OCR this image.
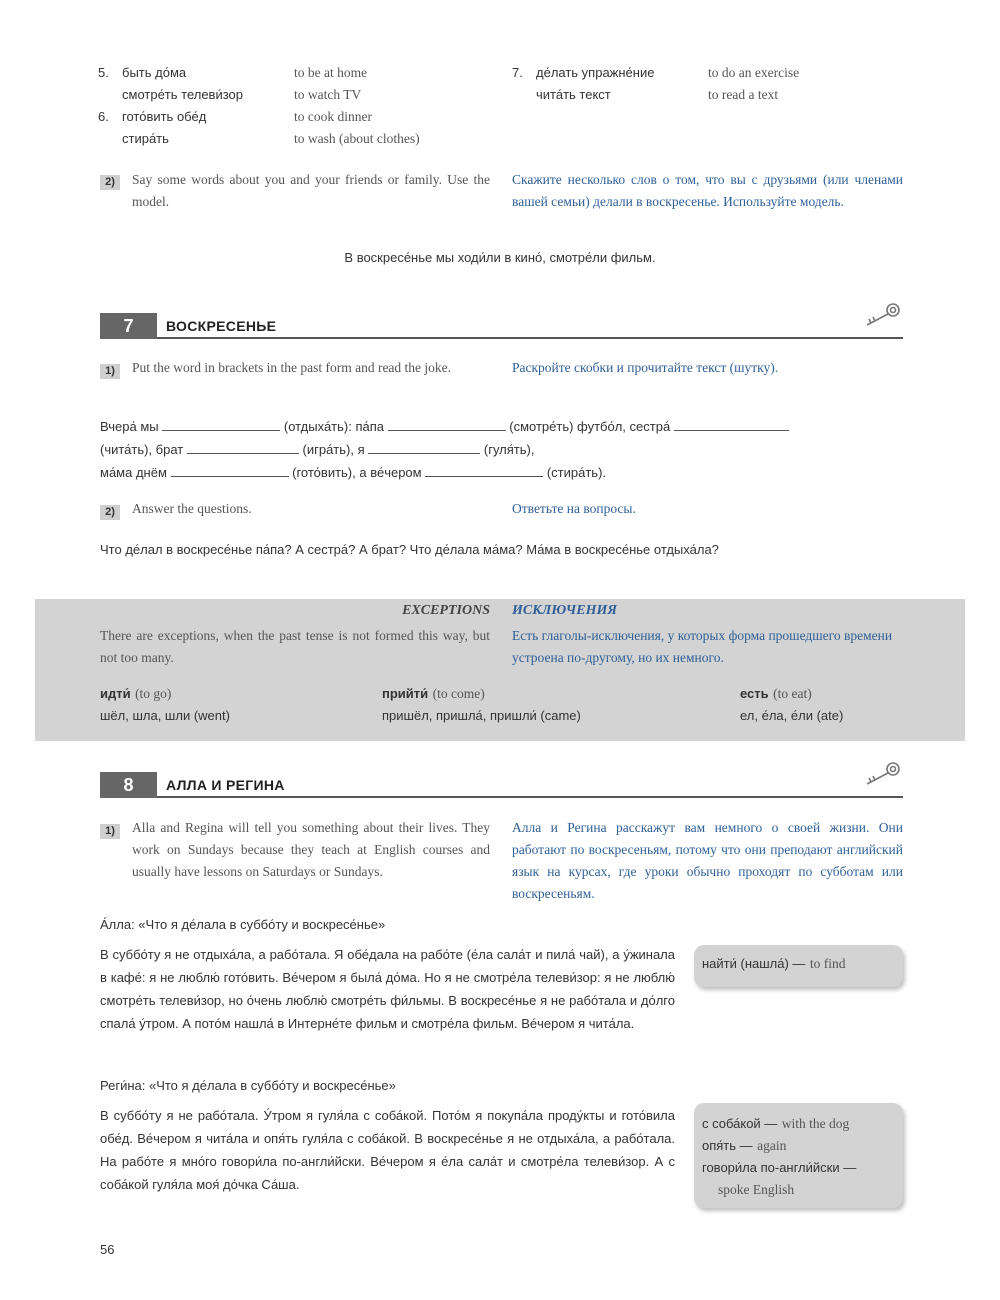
5. быть до́ма	to be at home
смотре́ть телеви́зор	to watch TV
6. гото́вить обе́д	to cook dinner
стира́ть	to wash (about clothes)
7. де́лать упражне́ние	to do an exercise
чита́ть текст	to read a text
2)	Say some words about you and your friends or family. Use the model.
Скажите несколько слов о том, что вы с друзьями (или членами вашей семьи) делали в воскресенье. Используйте модель.
В воскресе́нье мы ходи́ли в кино́, смотре́ли фильм.
7	ВОСКРЕСЕНЬЕ
1)	Put the word in brackets in the past form and read the joke.	Раскройте скобки и прочитайте текст (шутку).
Вчера́ мы	(отдыха́ть): па́па	(смотре́ть) футбо́л, сестра́
(чита́ть), брат	(игра́ть), я	(гуля́ть),
ма́ма днём	(гото́вить), а ве́чером	(стира́ть).
2)	Answer the questions.	Ответьте на вопросы.
Что де́лал в воскресе́нье па́па? А сестра́? А брат? Что де́лала ма́ма? Ма́ма в воскресе́нье отдыха́ла?
EXCEPTIONS ИСКЛЮЧЕНИЯ
There are exceptions, when the past tense is not formed this way, but not too many.
Есть глаголы-исключения, у которых форма прошедшего времени устроена по-другому, но их немного.
идти́ (to go)
шёл, шла, шли (went)
прийти́ (to come)
пришёл, пришла́, пришли́ (came)
есть (to eat)
ел, е́ла, е́ли (ate)
8	АЛЛА И РЕГИНА
1)	Alla and Regina will tell you something about their lives. They work on Sundays because they teach at English courses and usually have lessons on Saturdays or Sundays.
Алла и Регина расскажут вам немного о своей жизни. Они работают по воскресеньям, потому что они преподают английский язык на курсах, где уроки обычно проходят по субботам или воскресеньям.
А́лла: «Что я де́лала в суббо́ту и воскресе́нье»
В суббо́ту я не отдыха́ла, а рабо́тала. Я обе́дала на рабо́те (е́ла сала́т и пила́ чай), а у́жинала в кафе́: я не люблю́ гото́вить. Ве́чером я была́ до́ма. Но я не смотре́ла телеви́зор: я не люблю́ смотре́ть телеви́зор, но о́чень люблю́ смотре́ть фи́льмы. В воскресе́нье я не рабо́тала и до́лго спала́ у́тром. А пото́м нашла́ в Интерне́те фильм и смотре́ла фильм. Ве́чером я чита́ла.
найти́ (нашла́) — to find
Реги́на: «Что я де́лала в суббо́ту и воскресе́нье»
В суббо́ту я не рабо́тала. У́тром я гуля́ла с соба́кой. Пото́м я покупа́ла проду́кты и гото́вила обе́д. Ве́чером я чита́ла и опя́ть гуля́ла с соба́кой. В воскресе́нье я не отдыха́ла, а рабо́тала. На рабо́те я мно́го говори́ла по-англи́йски. Ве́чером я е́ла сала́т и смотре́ла телеви́зор. А с соба́кой гуля́ла моя́ до́чка Са́ша.
с соба́кой — with the dog
опя́ть — again
говори́ла по-англи́йски —
spoke English
56
